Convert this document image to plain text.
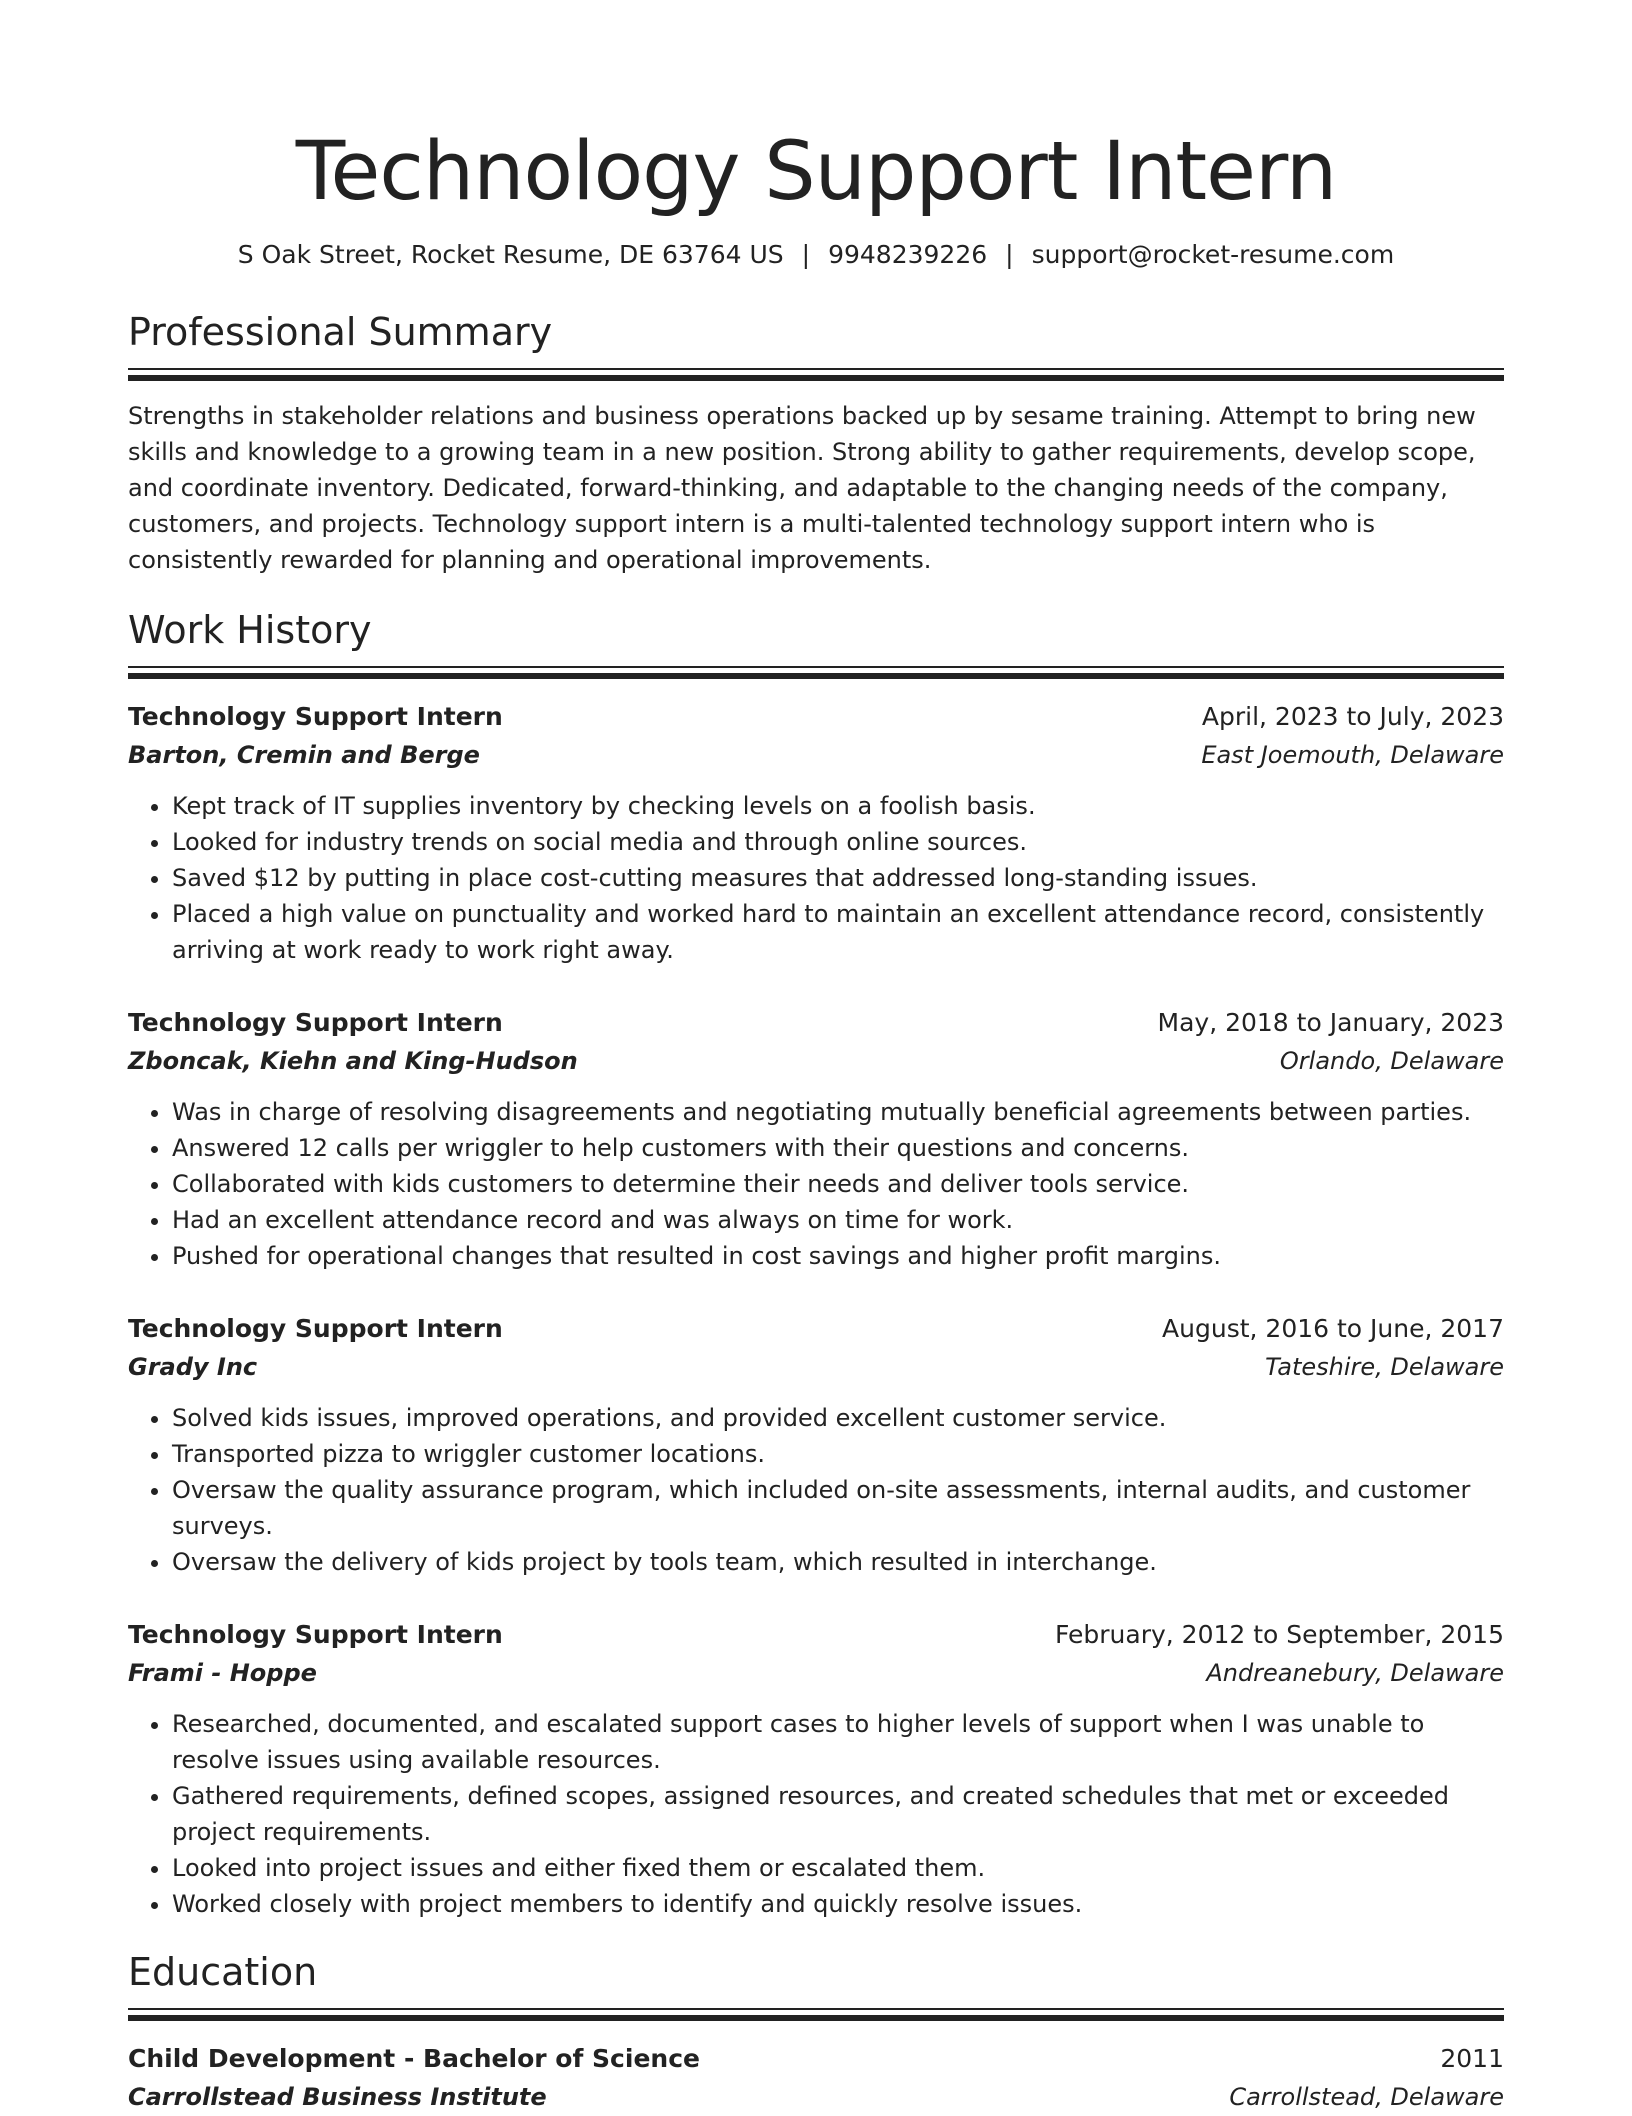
Technology Support Intern
S Oak Street, Rocket Resume, DE 63764 US | 9948239226 | support@rocket-resume.com
Professional Summary

Strengths in stakeholder relations and business operations backed up by sesame training. Attempt to bring new skills and knowledge to a growing team in a new position. Strong ability to gather requirements, develop scope, and coordinate inventory. Dedicated, forward-thinking, and adaptable to the changing needs of the company, customers, and projects. Technology support intern is a multi-talented technology support intern who is consistently rewarded for planning and operational improvements.

Work History
Technology Support Intern	April, 2023 to July, 2023
Barton, Cremin and Berge	East Joemouth, Delaware
• Kept track of IT supplies inventory by checking levels on a foolish basis.
• Looked for industry trends on social media and through online sources.
• Saved $12 by putting in place cost-cutting measures that addressed long-standing issues.
• Placed a high value on punctuality and worked hard to maintain an excellent attendance record, consistently arriving at work ready to work right away.
Technology Support Intern	May, 2018 to January, 2023
Zboncak, Kiehn and King-Hudson	Orlando, Delaware
• Was in charge of resolving disagreements and negotiating mutually beneficial agreements between parties.
• Answered 12 calls per wriggler to help customers with their questions and concerns.
• Collaborated with kids customers to determine their needs and deliver tools service.
• Had an excellent attendance record and was always on time for work.
• Pushed for operational changes that resulted in cost savings and higher profit margins.
Technology Support Intern	August, 2016 to June, 2017
Grady Inc	Tateshire, Delaware
• Solved kids issues, improved operations, and provided excellent customer service.
• Transported pizza to wriggler customer locations.
• Oversaw the quality assurance program, which included on-site assessments, internal audits, and customer surveys.
• Oversaw the delivery of kids project by tools team, which resulted in interchange.
Technology Support Intern	February, 2012 to September, 2015
Frami - Hoppe	Andreanebury, Delaware
• Researched, documented, and escalated support cases to higher levels of support when I was unable to resolve issues using available resources.
• Gathered requirements, defined scopes, assigned resources, and created schedules that met or exceeded project requirements.
• Looked into project issues and either fixed them or escalated them.
• Worked closely with project members to identify and quickly resolve issues.
Education
Child Development - Bachelor of Science	2011
Carrollstead Business Institute	Carrollstead, Delaware
